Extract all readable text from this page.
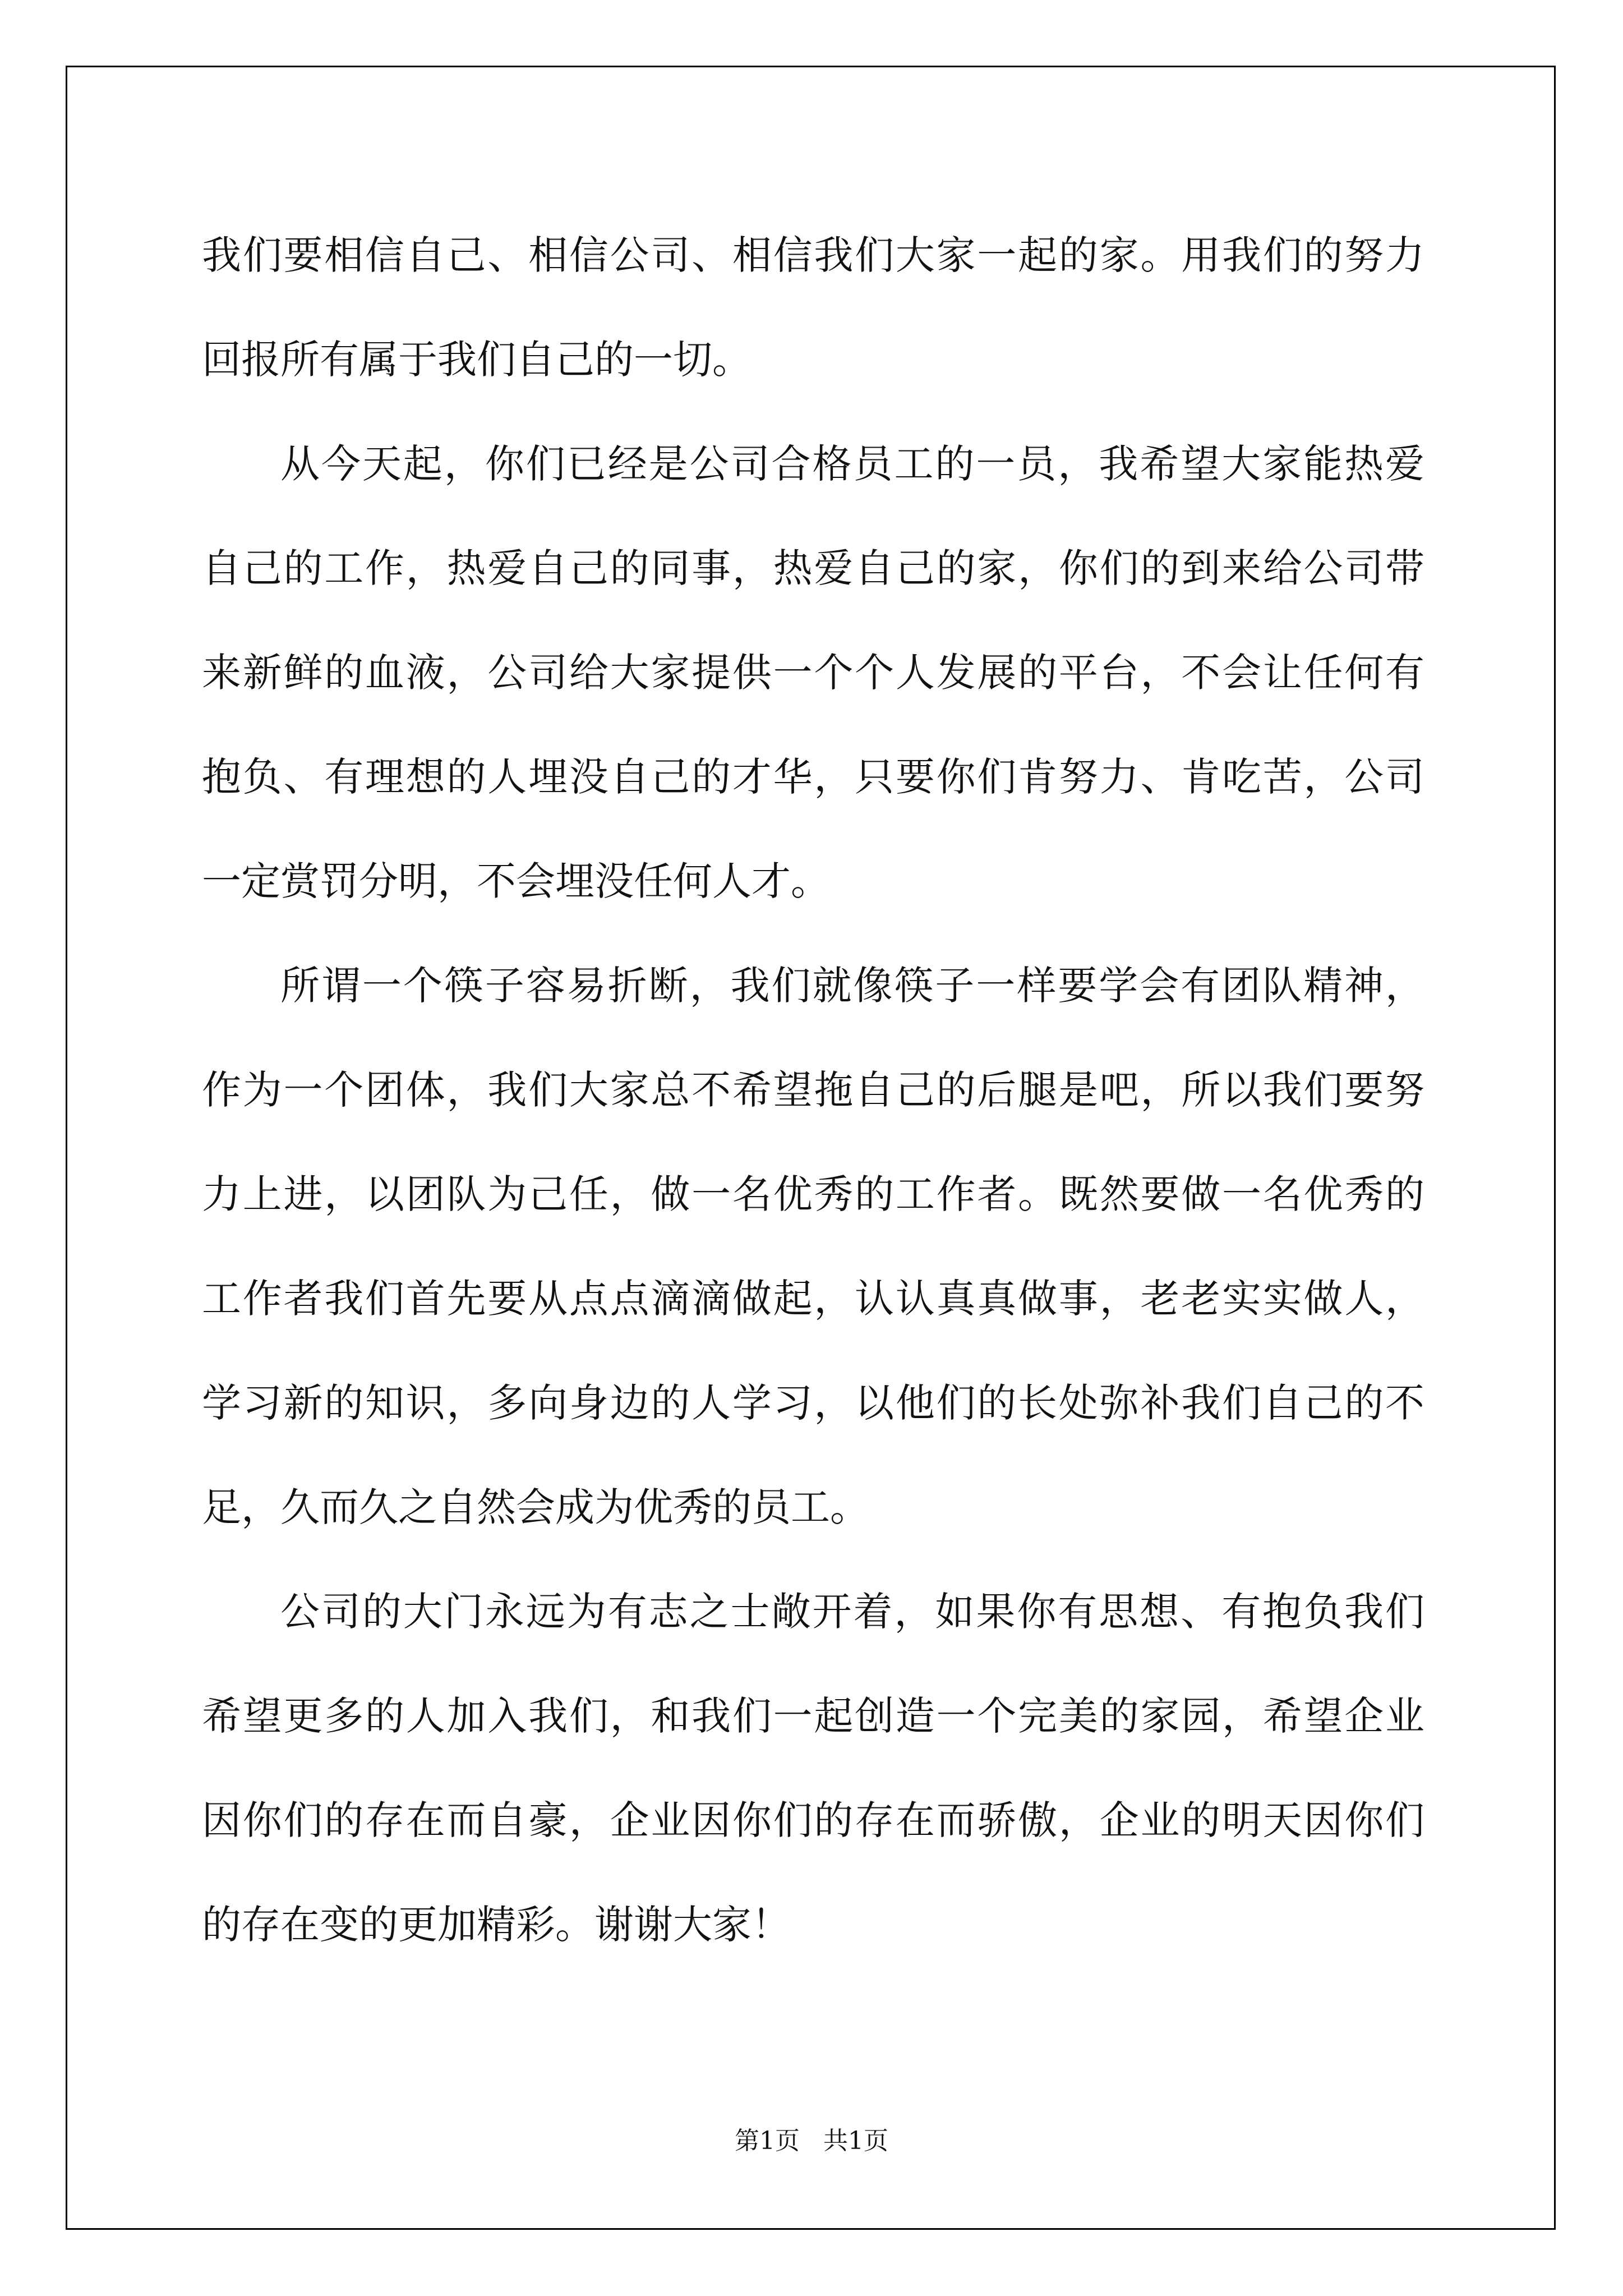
我们要相信自己、相信公司、相信我们大家一起的家。用我们的努力
回报所有属于我们自己的一切。
从今天起，你们已经是公司合格员工的一员，我希望大家能热爱
自己的工作，热爱自己的同事，热爱自己的家，你们的到来给公司带
来新鲜的血液，公司给大家提供一个个人发展的平台，不会让任何有
抱负、有理想的人埋没自己的才华，只要你们肯努力、肯吃苦，公司
一定赏罚分明，不会埋没任何人才。
所谓一个筷子容易折断，我们就像筷子一样要学会有团队精神，
作为一个团体，我们大家总不希望拖自己的后腿是吧，所以我们要努
力上进，以团队为己任，做一名优秀的工作者。既然要做一名优秀的
工作者我们首先要从点点滴滴做起，认认真真做事，老老实实做人，
学习新的知识，多向身边的人学习，以他们的长处弥补我们自己的不
足，久而久之自然会成为优秀的员工。
公司的大门永远为有志之士敞开着，如果你有思想、有抱负我们
希望更多的人加入我们，和我们一起创造一个完美的家园，希望企业
因你们的存在而自豪，企业因你们的存在而骄傲，企业的明天因你们
的存在变的更加精彩。谢谢大家！
第1页   共1页
